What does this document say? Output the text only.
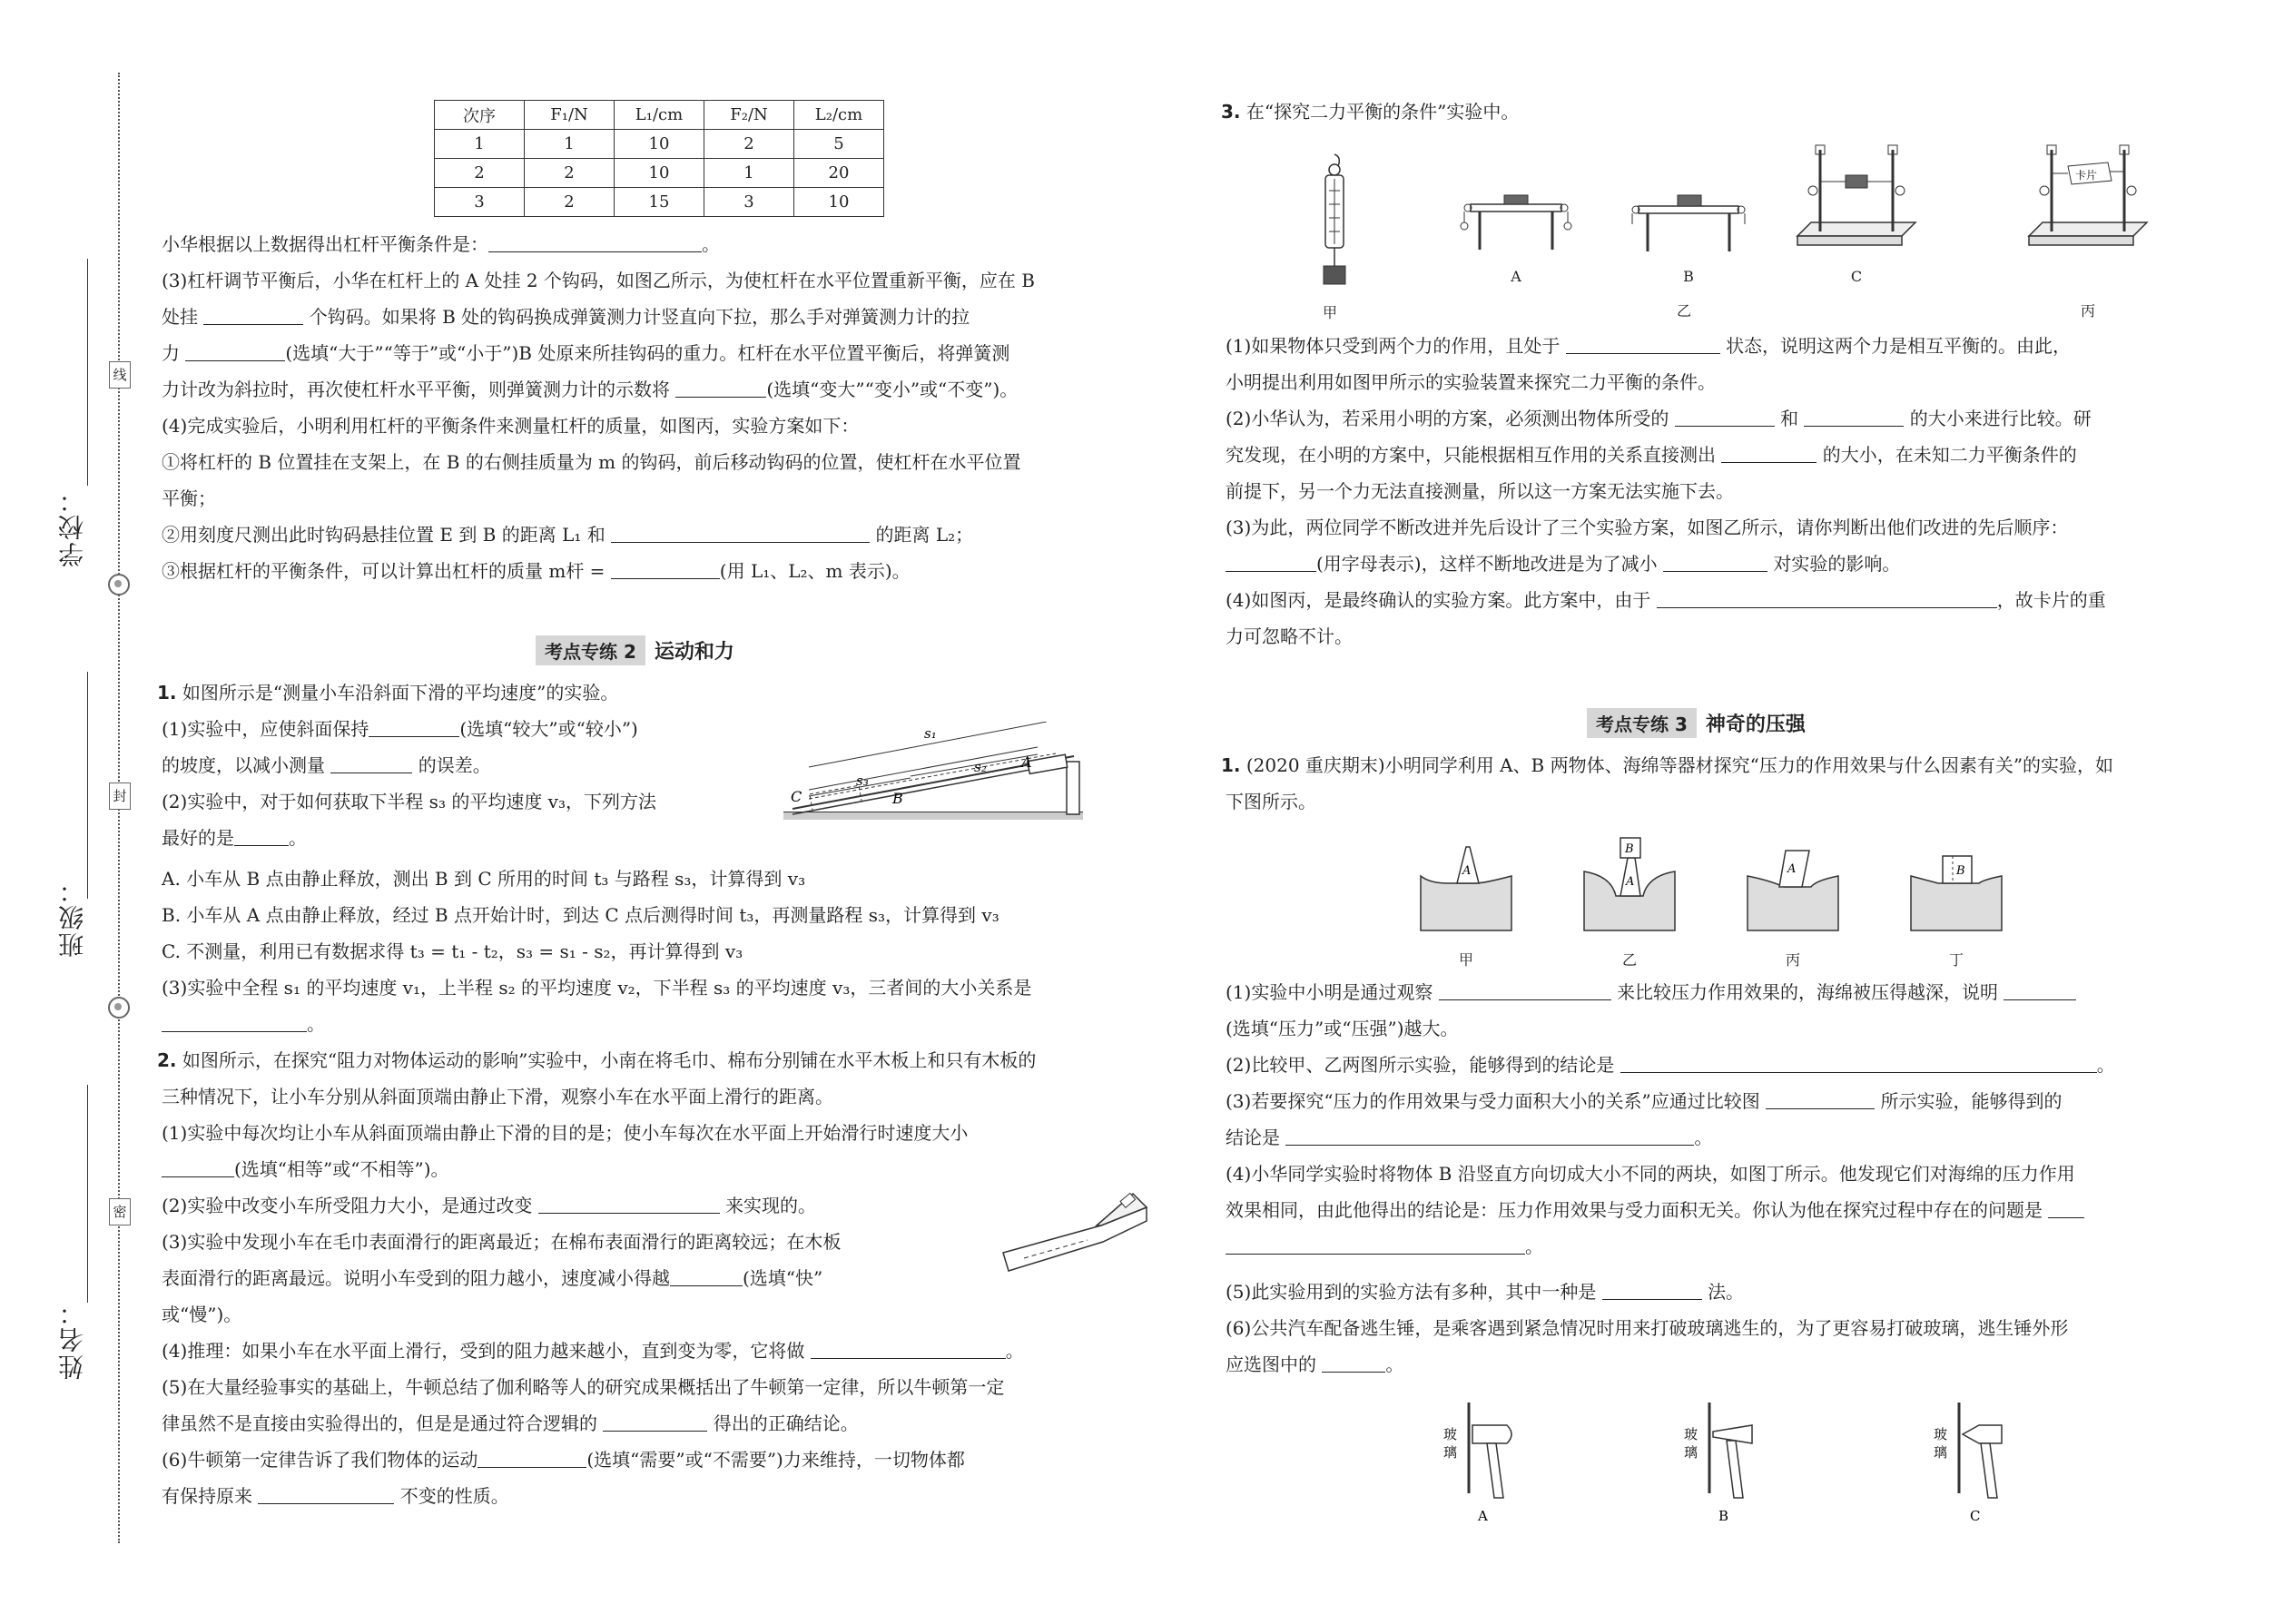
学校：
班级：
姓名：
线
封
密
次序	F₁/N	L₁/cm	F₂/N	L₂/cm
1	1	10	2	5
2	2	10	1	20
3	2	15	3	10
小华根据以上数据得出杠杆平衡条件是：	。
(3)杠杆调节平衡后，小华在杠杆上的 A 处挂 2 个钩码，如图乙所示，为使杠杆在水平位置重新平衡，应在 B
处挂	个钩码。如果将 B 处的钩码换成弹簧测力计竖直向下拉，那么手对弹簧测力计的拉
力	(选填“大于”“等于”或“小于”)B 处原来所挂钩码的重力。杠杆在水平位置平衡后，将弹簧测
力计改为斜拉时，再次使杠杆水平平衡，则弹簧测力计的示数将	(选填“变大”“变小”或“不变”)。
(4)完成实验后，小明利用杠杆的平衡条件来测量杠杆的质量，如图丙，实验方案如下：
①将杠杆的 B 位置挂在支架上，在 B 的右侧挂质量为 m 的钩码，前后移动钩码的位置，使杠杆在水平位置
平衡；
②用刻度尺测出此时钩码悬挂位置 E 到 B 的距离 L₁ 和	的距离 L₂；
③根据杠杆的平衡条件，可以计算出杠杆的质量 m杆 =	(用 L₁、L₂、m 表示)。
考点专练 2 运动和力
1. 如图所示是“测量小车沿斜面下滑的平均速度”的实验。
(1)实验中，应使斜面保持	(选填“较大”或“较小”)
的坡度，以减小测量	的误差。
(2)实验中，对于如何获取下半程 s₃ 的平均速度 v₃，下列方法
最好的是	。
s₁
s₂
s₃
A
B
C
A. 小车从 B 点由静止释放，测出 B 到 C 所用的时间 t₃ 与路程 s₃，计算得到 v₃
B. 小车从 A 点由静止释放，经过 B 点开始计时，到达 C 点后测得时间 t₃，再测量路程 s₃，计算得到 v₃
C. 不测量，利用已有数据求得 t₃ = t₁ - t₂，s₃ = s₁ - s₂，再计算得到 v₃
(3)实验中全程 s₁ 的平均速度 v₁，上半程 s₂ 的平均速度 v₂，下半程 s₃ 的平均速度 v₃，三者间的大小关系是
。
2. 如图所示，在探究“阻力对物体运动的影响”实验中，小南在将毛巾、棉布分别铺在水平木板上和只有木板的
三种情况下，让小车分别从斜面顶端由静止下滑，观察小车在水平面上滑行的距离。
(1)实验中每次均让小车从斜面顶端由静止下滑的目的是；使小车每次在水平面上开始滑行时速度大小
(选填“相等”或“不相等”)。
(2)实验中改变小车所受阻力大小，是通过改变	来实现的。
(3)实验中发现小车在毛巾表面滑行的距离最近；在棉布表面滑行的距离较远；在木板
表面滑行的距离最远。说明小车受到的阻力越小，速度减小得越	(选填“快”
或“慢”)。
(4)推理：如果小车在水平面上滑行，受到的阻力越来越小，直到变为零，它将做	。
(5)在大量经验事实的基础上，牛顿总结了伽利略等人的研究成果概括出了牛顿第一定律，所以牛顿第一定
律虽然不是直接由实验得出的，但是是通过符合逻辑的	得出的正确结论。
(6)牛顿第一定律告诉了我们物体的运动	(选填“需要”或“不需要”)力来维持，一切物体都
有保持原来	不变的性质。
3. 在“探究二力平衡的条件”实验中。
甲
A	B	C
乙
卡片
丙
(1)如果物体只受到两个力的作用，且处于	状态，说明这两个力是相互平衡的。由此，
小明提出利用如图甲所示的实验装置来探究二力平衡的条件。
(2)小华认为，若采用小明的方案，必须测出物体所受的	和	的大小来进行比较。研
究发现，在小明的方案中，只能根据相互作用的关系直接测出	的大小，在未知二力平衡条件的
前提下，另一个力无法直接测量，所以这一方案无法实施下去。
(3)为此，两位同学不断改进并先后设计了三个实验方案，如图乙所示，请你判断出他们改进的先后顺序：
(用字母表示)，这样不断地改进是为了减小	对实验的影响。
(4)如图丙，是最终确认的实验方案。此方案中，由于	，故卡片的重
力可忽略不计。
考点专练 3 神奇的压强
1. (2020 重庆期末)小明同学利用 A、B 两物体、海绵等器材探究“压力的作用效果与什么因素有关”的实验，如
下图所示。
A
B
A
A	B
甲	乙	丙	丁
(1)实验中小明是通过观察	来比较压力作用效果的，海绵被压得越深，说明
(选填“压力”或“压强”)越大。
(2)比较甲、乙两图所示实验，能够得到的结论是	。
(3)若要探究“压力的作用效果与受力面积大小的关系”应通过比较图	所示实验，能够得到的
结论是	。
(4)小华同学实验时将物体 B 沿竖直方向切成大小不同的两块，如图丁所示。他发现它们对海绵的压力作用
效果相同，由此他得出的结论是：压力作用效果与受力面积无关。你认为他在探究过程中存在的问题是
。
(5)此实验用到的实验方法有多种，其中一种是	法。
(6)公共汽车配备逃生锤，是乘客遇到紧急情况时用来打破玻璃逃生的，为了更容易打破玻璃，逃生锤外形
应选图中的	。
玻
璃
A
玻
璃
B
玻
璃
C
